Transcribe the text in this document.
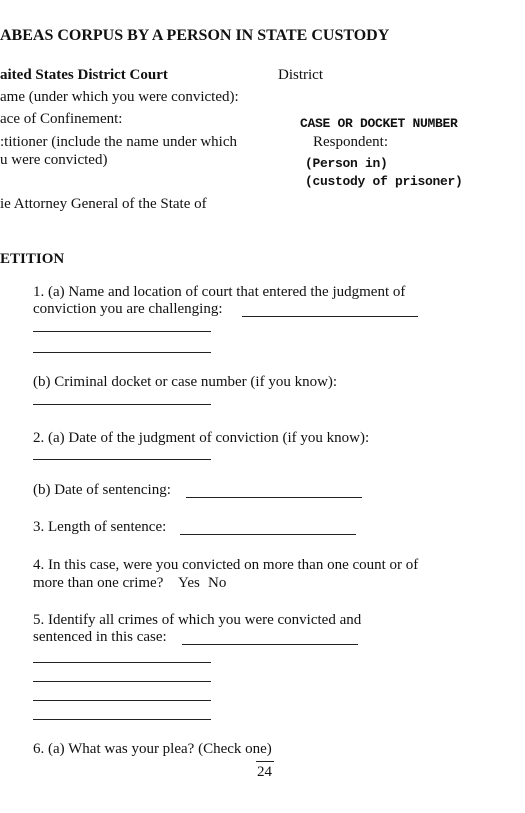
ABEAS CORPUS BY A PERSON IN STATE CUSTODY
aited States District Court	District
ame (under which you were convicted):
ace of Confinement:	CASE OR DOCKET NUMBER
:titioner (include the name under which	Respondent:
u were convicted)	(Person in)
(custody of prisoner)
ie Attorney General of the State of
ETITION
1. (a) Name and location of court that entered the judgment of
conviction you are challenging:
(b) Criminal docket or case number (if you know):
2. (a) Date of the judgment of conviction (if you know):
(b) Date of sentencing:
3. Length of sentence:
4. In this case, were you convicted on more than one count or of
more than one crime? Yes No
5. Identify all crimes of which you were convicted and
sentenced in this case:
6. (a) What was your plea? (Check one)
24
